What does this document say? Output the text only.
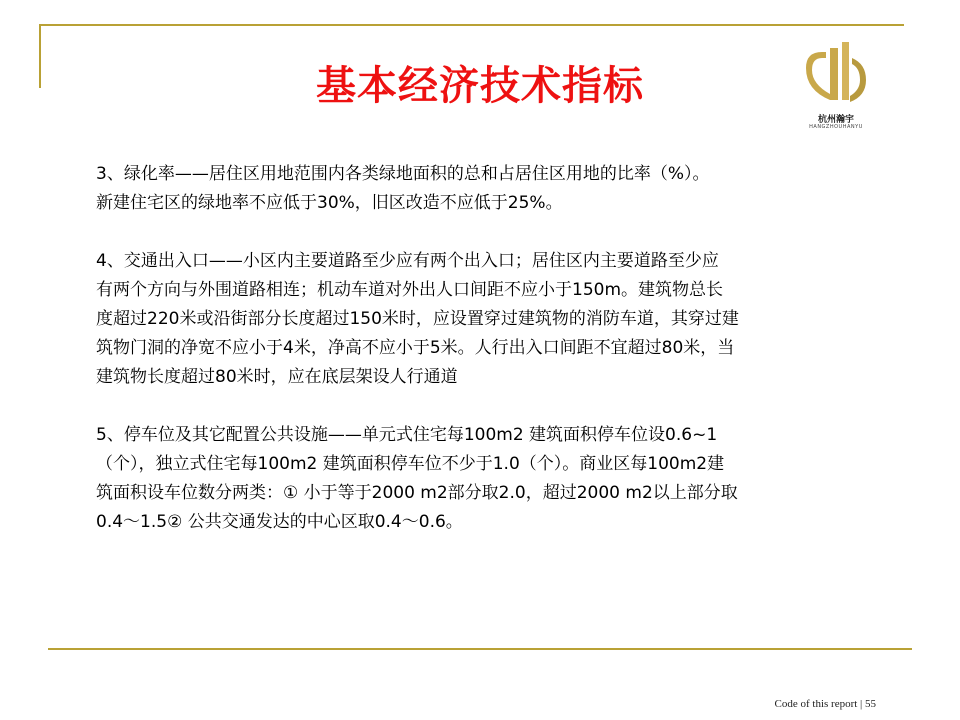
基本经济技术指标
杭州瀚宇
HANGZHOUHANYU
3、绿化率——居住区用地范围内各类绿地面积的总和占居住区用地的比率（%）。
新建住宅区的绿地率不应低于30%，旧区改造不应低于25%。
4、交通出入口——小区内主要道路至少应有两个出入口；居住区内主要道路至少应
有两个方向与外围道路相连；机动车道对外出人口间距不应小于150m。建筑物总长
度超过220米或沿街部分长度超过150米时，应设置穿过建筑物的消防车道，其穿过建
筑物门洞的净宽不应小于4米，净高不应小于5米。人行出入口间距不宜超过80米，当
建筑物长度超过80米时，应在底层架设人行通道
5、停车位及其它配置公共设施——单元式住宅每100m2 建筑面积停车位设0.6~1
（个），独立式住宅每100m2 建筑面积停车位不少于1.0（个）。商业区每100m2建
筑面积设车位数分两类：① 小于等于2000 m2部分取2.0，超过2000 m2以上部分取
0.4～1.5② 公共交通发达的中心区取0.4～0.6。
Code of this report | 55
